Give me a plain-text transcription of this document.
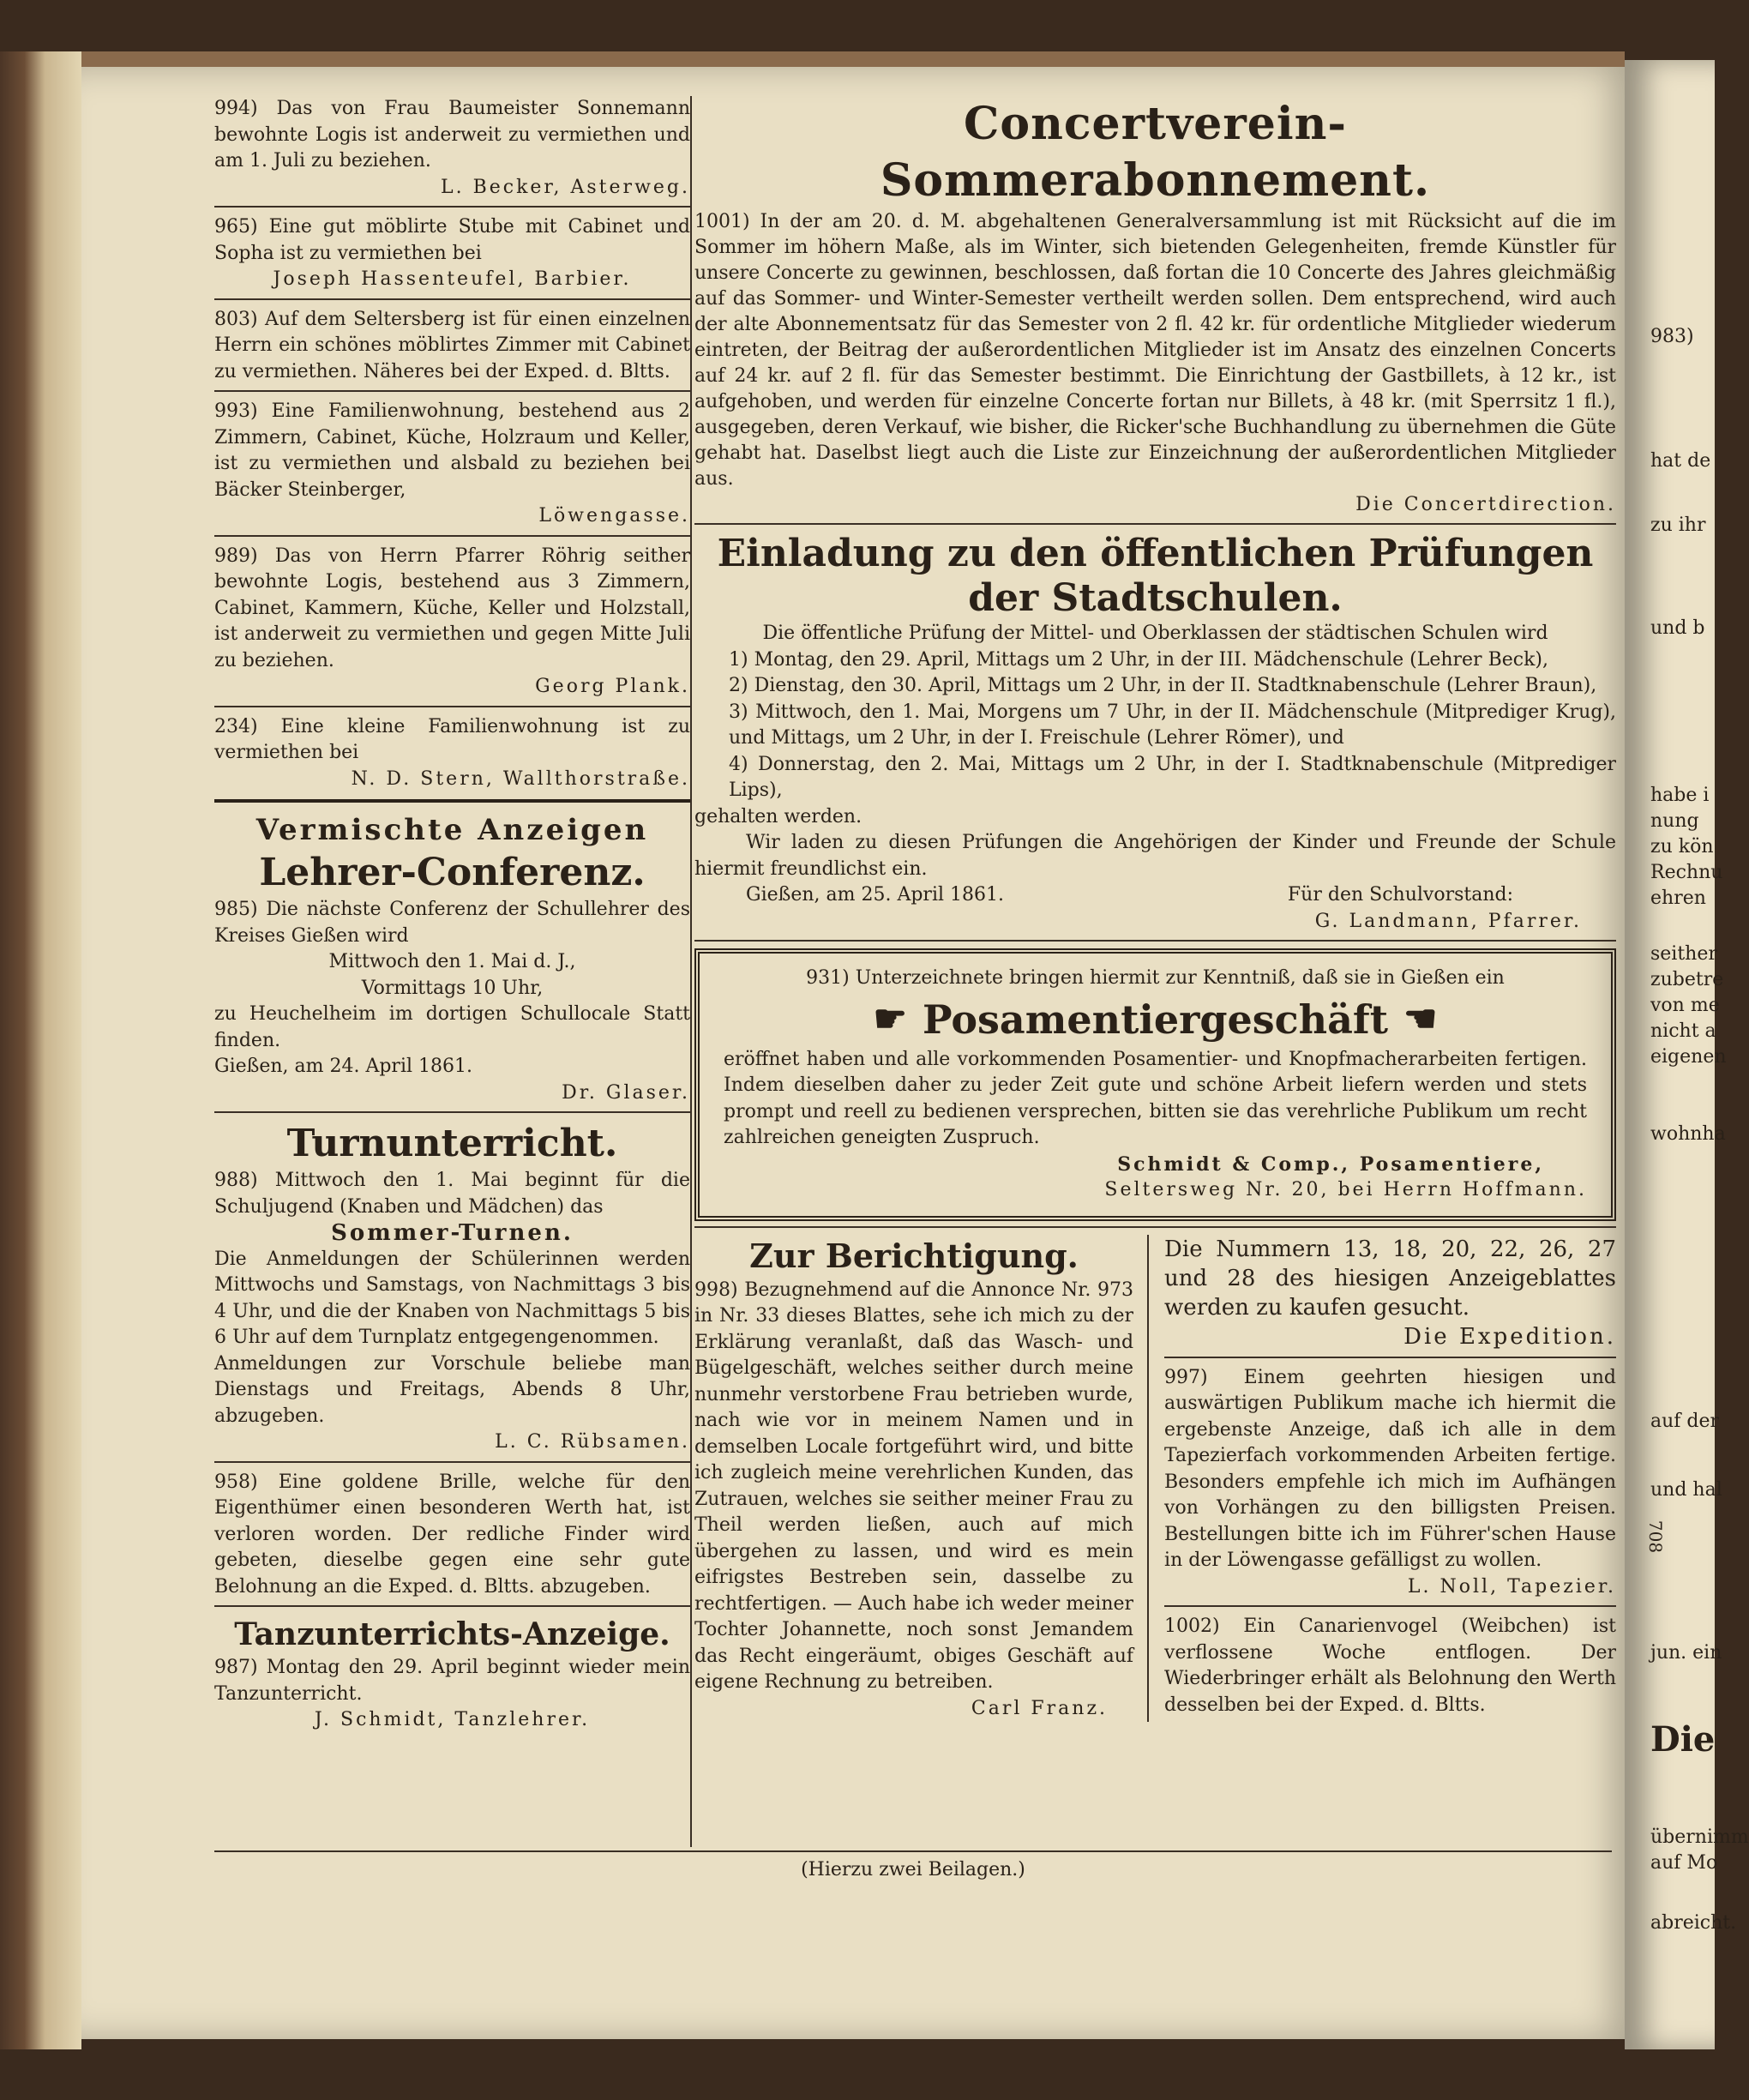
983)
hat de
zu ihr
und b
habe i
nung
zu kön
Rechnu
ehren
seither
zubetre
von me
nicht a
eigenen
wohnha
auf der
und hal
jun. ein
Die
übernimm
auf Mo
abreicht.

994) Das von Frau Baumeister Sonnemann bewohnte Logis ist anderweit zu vermiethen und am 1. Juli zu beziehen.

L. Becker, Asterweg.

965) Eine gut möblirte Stube mit Cabinet und Sopha ist zu vermiethen bei

Joseph Hassenteufel, Barbier.

803) Auf dem Seltersberg ist für einen einzelnen Herrn ein schönes möblirtes Zimmer mit Cabinet zu vermiethen. Näheres bei der Exped. d. Bltts.

993) Eine Familienwohnung, bestehend aus 2 Zimmern, Cabinet, Küche, Holzraum und Keller, ist zu vermiethen und alsbald zu beziehen bei Bäcker Steinberger,

Löwengasse.

989) Das von Herrn Pfarrer Röhrig seither bewohnte Logis, bestehend aus 3 Zimmern, Cabinet, Kammern, Küche, Keller und Holzstall, ist anderweit zu vermiethen und gegen Mitte Juli zu beziehen.

Georg Plank.

234) Eine kleine Familienwohnung ist zu vermiethen bei

N. D. Stern, Wallthorstraße.

Vermischte Anzeigen
Lehrer-Conferenz.

985) Die nächste Conferenz der Schullehrer des Kreises Gießen wird

Mittwoch den 1. Mai d. J.,

Vormittags 10 Uhr,

zu Heuchelheim im dortigen Schullocale Statt finden.

Gießen, am 24. April 1861.

Dr. Glaser.

Turnunterricht.

988) Mittwoch den 1. Mai beginnt für die Schuljugend (Knaben und Mädchen) das

Sommer-Turnen.

Die Anmeldungen der Schülerinnen werden Mittwochs und Samstags, von Nachmittags 3 bis 4 Uhr, und die der Knaben von Nachmittags 5 bis 6 Uhr auf dem Turnplatz entgegengenommen.

Anmeldungen zur Vorschule beliebe man Dienstags und Freitags, Abends 8 Uhr, abzugeben.

L. C. Rübsamen.

958) Eine goldene Brille, welche für den Eigenthümer einen besonderen Werth hat, ist verloren worden. Der redliche Finder wird gebeten, dieselbe gegen eine sehr gute Belohnung an die Exped. d. Bltts. abzugeben.

Tanzunterrichts-Anzeige.

987) Montag den 29. April beginnt wieder mein Tanzunterricht.

J. Schmidt, Tanzlehrer.

Concertverein-Sommerabonnement.

1001) In der am 20. d. M. abgehaltenen Generalversammlung ist mit Rücksicht auf die im Sommer im höhern Maße, als im Winter, sich bietenden Gelegenheiten, fremde Künstler für unsere Concerte zu gewinnen, beschlossen, daß fortan die 10 Concerte des Jahres gleichmäßig auf das Sommer- und Winter-Semester vertheilt werden sollen. Dem entsprechend, wird auch der alte Abonnementsatz für das Semester von 2 fl. 42 kr. für ordentliche Mitglieder wiederum eintreten, der Beitrag der außerordentlichen Mitglieder ist im Ansatz des einzelnen Concerts auf 24 kr. auf 2 fl. für das Semester bestimmt. Die Einrichtung der Gastbillets, à 12 kr., ist aufgehoben, und werden für einzelne Concerte fortan nur Billets, à 48 kr. (mit Sperrsitz 1 fl.), ausgegeben, deren Verkauf, wie bisher, die Ricker'sche Buchhandlung zu übernehmen die Güte gehabt hat. Daselbst liegt auch die Liste zur Einzeichnung der außerordentlichen Mitglieder aus.

Die Concertdirection.

Einladung zu den öffentlichen Prüfungen der Stadtschulen.

Die öffentliche Prüfung der Mittel- und Oberklassen der städtischen Schulen wird

1) Montag, den 29. April, Mittags um 2 Uhr, in der III. Mädchenschule (Lehrer Beck),

2) Dienstag, den 30. April, Mittags um 2 Uhr, in der II. Stadtknabenschule (Lehrer Braun),

3) Mittwoch, den 1. Mai, Morgens um 7 Uhr, in der II. Mädchenschule (Mitprediger Krug), und Mittags, um 2 Uhr, in der I. Freischule (Lehrer Römer), und

4) Donnerstag, den 2. Mai, Mittags um 2 Uhr, in der I. Stadtknabenschule (Mitprediger Lips),

gehalten werden.

Wir laden zu diesen Prüfungen die Angehörigen der Kinder und Freunde der Schule hiermit freundlichst ein.

Gießen, am 25. April 1861.	Für den Schulvorstand:

G. Landmann, Pfarrer.

931) Unterzeichnete bringen hiermit zur Kenntniß, daß sie in Gießen ein

☛ Posamentiergeschäft ☚

eröffnet haben und alle vorkommenden Posamentier- und Knopfmacherarbeiten fertigen. Indem dieselben daher zu jeder Zeit gute und schöne Arbeit liefern werden und stets prompt und reell zu bedienen versprechen, bitten sie das verehrliche Publikum um recht zahlreichen geneigten Zuspruch.

Schmidt & Comp., Posamentiere,

Seltersweg Nr. 20, bei Herrn Hoffmann.

Zur Berichtigung.

998) Bezugnehmend auf die Annonce Nr. 973 in Nr. 33 dieses Blattes, sehe ich mich zu der Erklärung veranlaßt, daß das Wasch- und Bügelgeschäft, welches seither durch meine nunmehr verstorbene Frau betrieben wurde, nach wie vor in meinem Namen und in demselben Locale fortgeführt wird, und bitte ich zugleich meine verehrlichen Kunden, das Zutrauen, welches sie seither meiner Frau zu Theil werden ließen, auch auf mich übergehen zu lassen, und wird es mein eifrigstes Bestreben sein, dasselbe zu rechtfertigen. — Auch habe ich weder meiner Tochter Johannette, noch sonst Jemandem das Recht eingeräumt, obiges Geschäft auf eigene Rechnung zu betreiben.

Carl Franz.

Die Nummern 13, 18, 20, 22, 26, 27 und 28 des hiesigen Anzeigeblattes werden zu kaufen gesucht.

Die Expedition.

997) Einem geehrten hiesigen und auswärtigen Publikum mache ich hiermit die ergebenste Anzeige, daß ich alle in dem Tapezierfach vorkommenden Arbeiten fertige. Besonders empfehle ich mich im Aufhängen von Vorhängen zu den billigsten Preisen. Bestellungen bitte ich im Führer'schen Hause in der Löwengasse gefälligst zu wollen.

L. Noll, Tapezier.

1002) Ein Canarienvogel (Weibchen) ist verflossene Woche entflogen. Der Wiederbringer erhält als Belohnung den Werth desselben bei der Exped. d. Bltts.

(Hierzu zwei Beilagen.)
708
